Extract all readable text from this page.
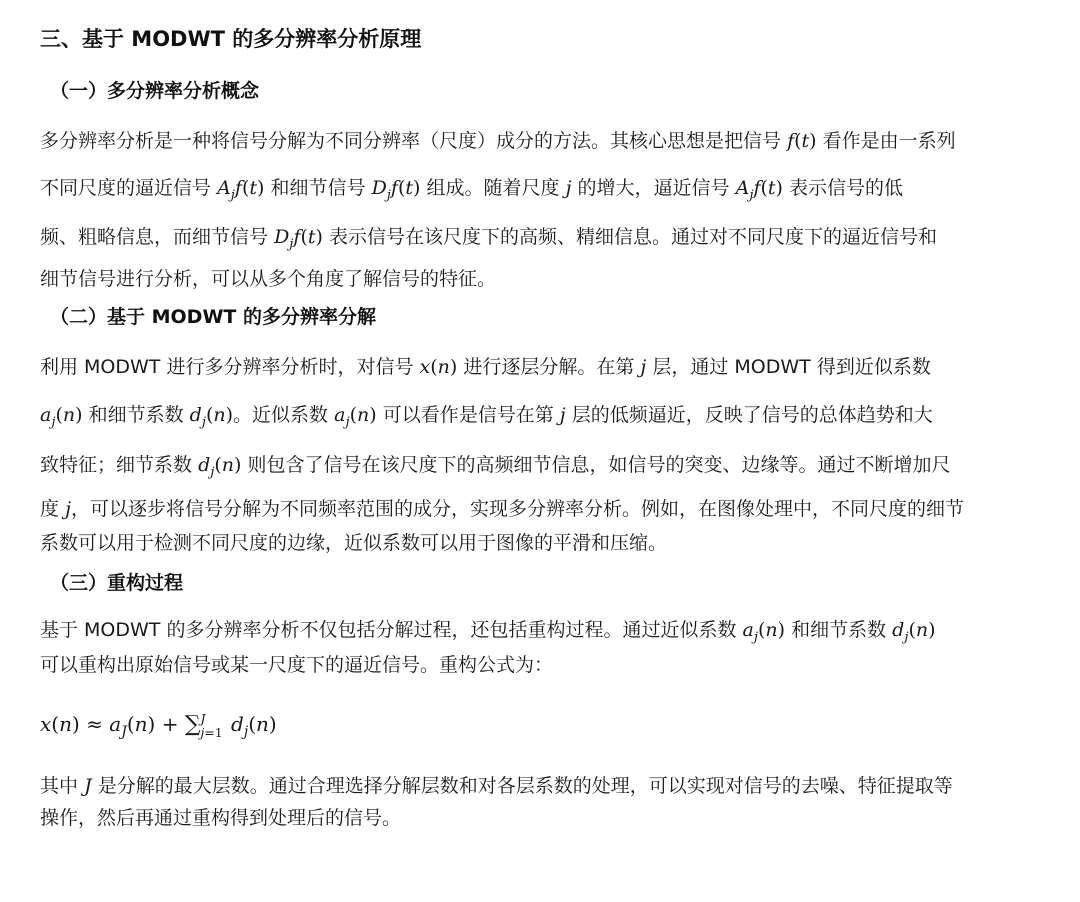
三、基于 MODWT 的多分辨率分析原理
（一）多分辨率分析概念
多分辨率分析是一种将信号分解为不同分辨率（尺度）成分的方法。其核心思想是把信号 f(t) 看作是由一系列
不同尺度的逼近信号 $A_jf(t)$ 和细节信号 $D_jf(t)$ 组成。随着尺度 j 的增大，逼近信号 $A_jf(t)$ 表示信号的低
频、粗略信息，而细节信号 $D_jf(t)$ 表示信号在该尺度下的高频、精细信息。通过对不同尺度下的逼近信号和
细节信号进行分析，可以从多个角度了解信号的特征。
（二）基于 MODWT 的多分辨率分解
利用 MODWT 进行多分辨率分析时，对信号 x(n) 进行逐层分解。在第 j 层，通过 MODWT 得到近似系数
$a_j(n)$ 和细节系数 $d_j(n)$。近似系数 $a_j(n)$ 可以看作是信号在第 j 层的低频逼近，反映了信号的总体趋势和大
致特征；细节系数 $d_j(n)$ 则包含了信号在该尺度下的高频细节信息，如信号的突变、边缘等。通过不断增加尺
度 j，可以逐步将信号分解为不同频率范围的成分，实现多分辨率分析。例如，在图像处理中，不同尺度的细节
系数可以用于检测不同尺度的边缘，近似系数可以用于图像的平滑和压缩。
（三）重构过程
基于 MODWT 的多分辨率分析不仅包括分解过程，还包括重构过程。通过近似系数 $a_j(n)$ 和细节系数 $d_j(n)$
可以重构出原始信号或某一尺度下的逼近信号。重构公式为：
$x(n) \approx a_J(n)$ + ∑ J
j=1 $d_j(n)$
其中 J 是分解的最大层数。通过合理选择分解层数和对各层系数的处理，可以实现对信号的去噪、特征提取等
操作，然后再通过重构得到处理后的信号。
